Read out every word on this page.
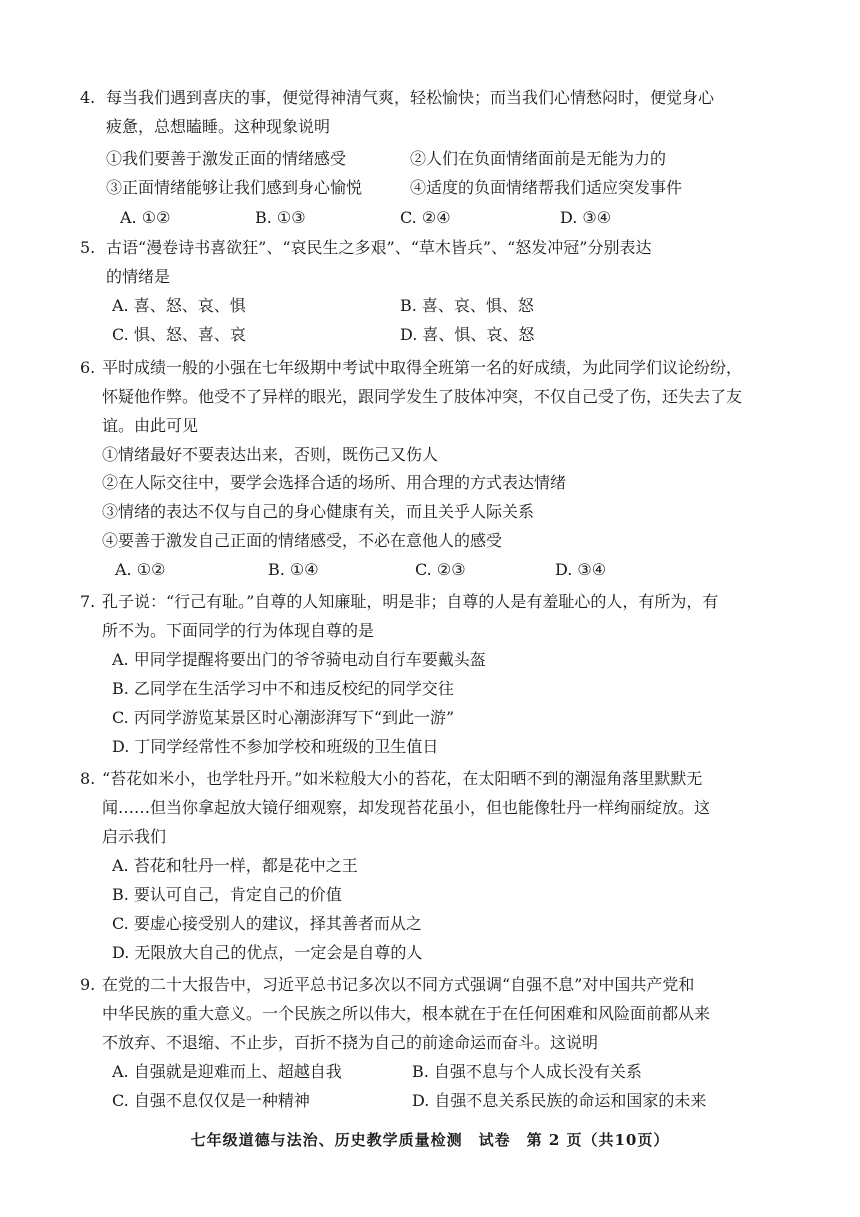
4. 每当我们遇到喜庆的事，便觉得神清气爽，轻松愉快；而当我们心情愁闷时，便觉身心
疲惫，总想瞌睡。这种现象说明
①我们要善于激发正面的情绪感受	②人们在负面情绪面前是无能为力的
③正面情绪能够让我们感到身心愉悦	④适度的负面情绪帮我们适应突发事件
A. ①②	B. ①③	C. ②④	D. ③④
5. 古语“漫卷诗书喜欲狂”、“哀民生之多艰”、“草木皆兵”、“怒发冲冠”分别表达
的情绪是
A. 喜、怒、哀、惧	B. 喜、哀、惧、怒
C. 惧、怒、喜、哀	D. 喜、惧、哀、怒
6. 平时成绩一般的小强在七年级期中考试中取得全班第一名的好成绩，为此同学们议论纷纷，
怀疑他作弊。他受不了异样的眼光，跟同学发生了肢体冲突，不仅自己受了伤，还失去了友
谊。由此可见
①情绪最好不要表达出来，否则，既伤己又伤人
②在人际交往中，要学会选择合适的场所、用合理的方式表达情绪
③情绪的表达不仅与自己的身心健康有关，而且关乎人际关系
④要善于激发自己正面的情绪感受，不必在意他人的感受
A. ①②	B. ①④	C. ②③	D. ③④
7. 孔子说：“行己有耻。”自尊的人知廉耻，明是非；自尊的人是有羞耻心的人，有所为，有
所不为。下面同学的行为体现自尊的是
A. 甲同学提醒将要出门的爷爷骑电动自行车要戴头盔
B. 乙同学在生活学习中不和违反校纪的同学交往
C. 丙同学游览某景区时心潮澎湃写下“到此一游”
D. 丁同学经常性不参加学校和班级的卫生值日
8. “苔花如米小，也学牡丹开。”如米粒般大小的苔花，在太阳晒不到的潮湿角落里默默无
闻……但当你拿起放大镜仔细观察，却发现苔花虽小，但也能像牡丹一样绚丽绽放。这
启示我们
A. 苔花和牡丹一样，都是花中之王
B. 要认可自己，肯定自己的价值
C. 要虚心接受别人的建议，择其善者而从之
D. 无限放大自己的优点，一定会是自尊的人
9. 在党的二十大报告中，习近平总书记多次以不同方式强调“自强不息”对中国共产党和
中华民族的重大意义。一个民族之所以伟大，根本就在于在任何困难和风险面前都从来
不放弃、不退缩、不止步，百折不挠为自己的前途命运而奋斗。这说明
A. 自强就是迎难而上、超越自我	B. 自强不息与个人成长没有关系
C. 自强不息仅仅是一种精神	D. 自强不息关系民族的命运和国家的未来
七年级道德与法治、历史教学质量检测　试卷　第 2 页（共10页）
